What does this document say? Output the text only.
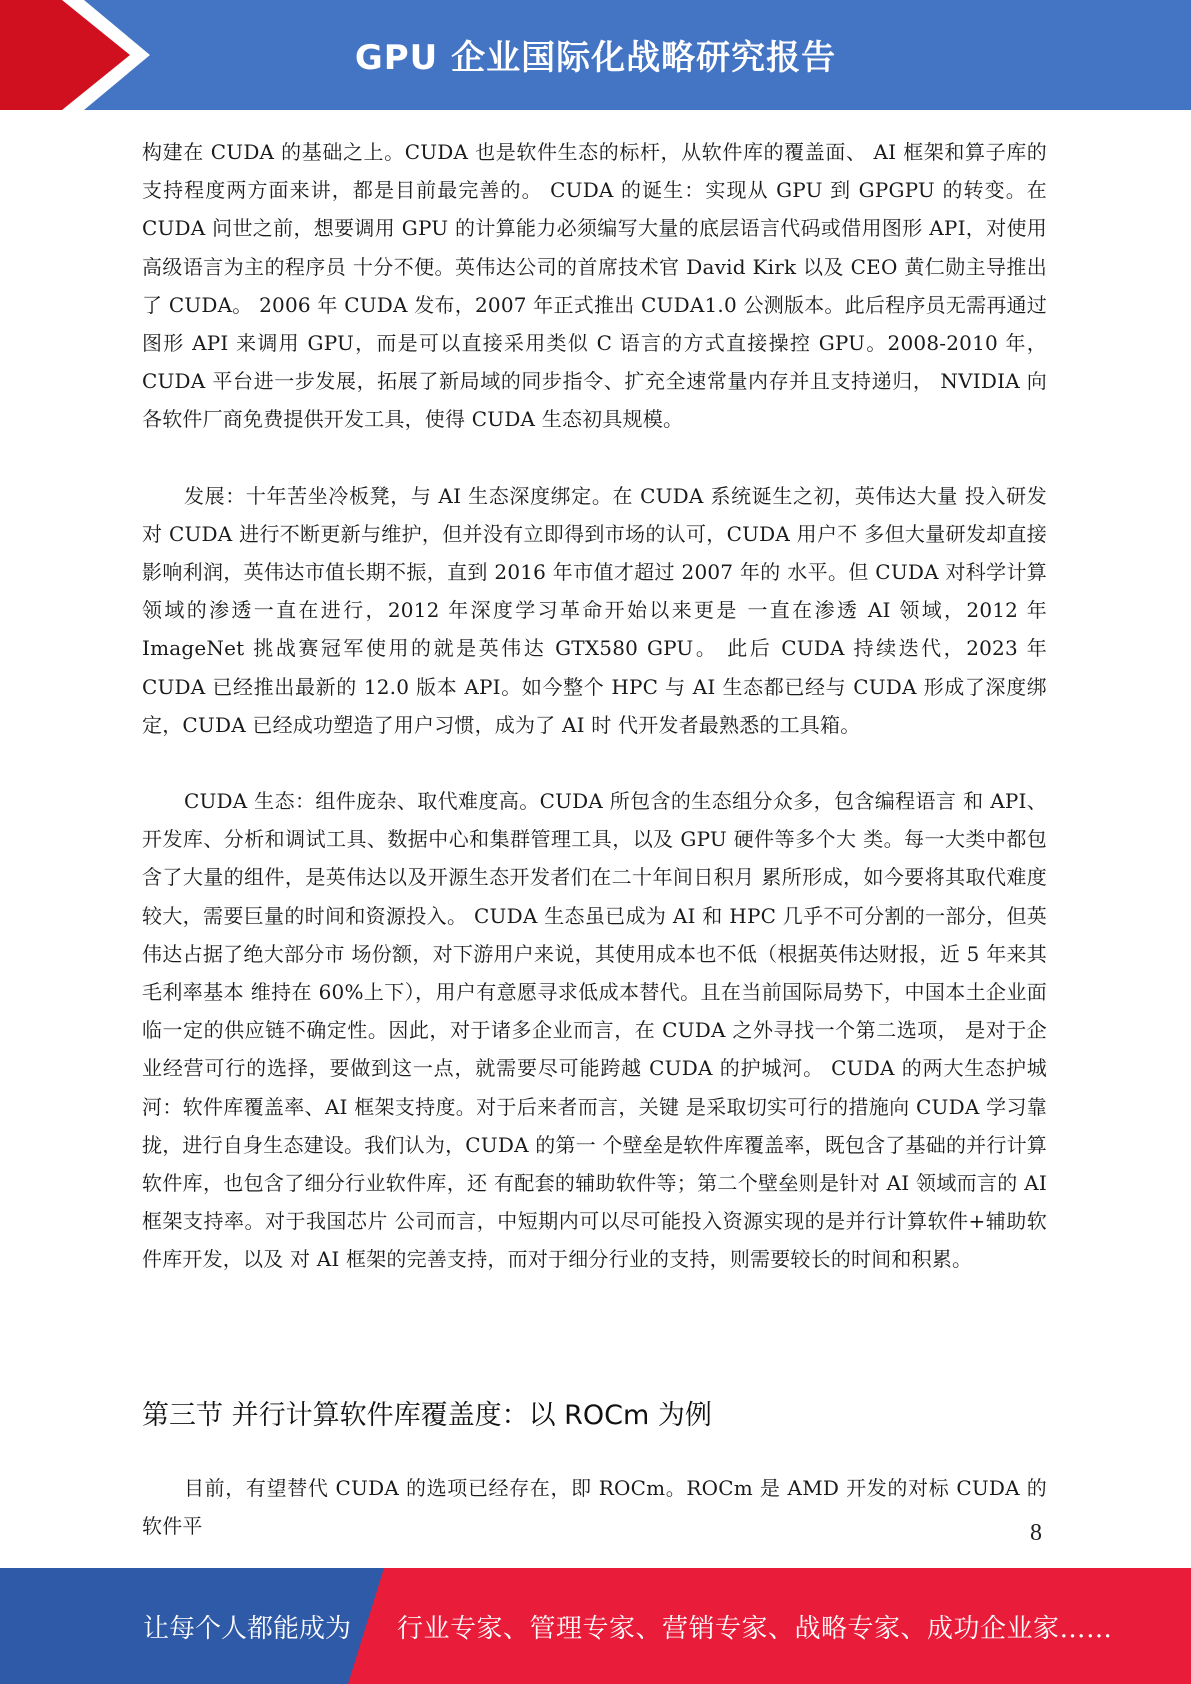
GPU 企业国际化战略研究报告

构建在 CUDA 的基础之上。CUDA 也是软件生态的标杆，从软件库的覆盖面、 AI 框架和算子库的支持程度两方面来讲，都是目前最完善的。 CUDA 的诞生：实现从 GPU 到 GPGPU 的转变。在 CUDA 问世之前，想要调用 GPU 的计算能力必须编写大量的底层语言代码或借用图形 API，对使用高级语言为主的程序员 十分不便。英伟达公司的首席技术官 David Kirk 以及 CEO 黄仁勋主导推出了 CUDA。 2006 年 CUDA 发布，2007 年正式推出 CUDA1.0 公测版本。此后程序员无需再通过图形 API 来调用 GPU，而是可以直接采用类似 C 语言的方式直接操控 GPU。2008-2010 年，CUDA 平台进一步发展，拓展了新局域的同步指令、扩充全速常量内存并且支持递归， NVIDIA 向各软件厂商免费提供开发工具，使得 CUDA 生态初具规模。

发展：十年苦坐冷板凳，与 AI 生态深度绑定。在 CUDA 系统诞生之初，英伟达大量 投入研发对 CUDA 进行不断更新与维护，但并没有立即得到市场的认可，CUDA 用户不 多但大量研发却直接影响利润，英伟达市值长期不振，直到 2016 年市值才超过 2007 年的 水平。但 CUDA 对科学计算领域的渗透一直在进行，2012 年深度学习革命开始以来更是 一直在渗透 AI 领域，2012 年 ImageNet 挑战赛冠军使用的就是英伟达 GTX580 GPU。 此后 CUDA 持续迭代，2023 年 CUDA 已经推出最新的 12.0 版本 API。如今整个 HPC 与 AI 生态都已经与 CUDA 形成了深度绑定，CUDA 已经成功塑造了用户习惯，成为了 AI 时 代开发者最熟悉的工具箱。

CUDA 生态：组件庞杂、取代难度高。CUDA 所包含的生态组分众多，包含编程语言 和 API、开发库、分析和调试工具、数据中心和集群管理工具，以及 GPU 硬件等多个大 类。每一大类中都包含了大量的组件，是英伟达以及开源生态开发者们在二十年间日积月 累所形成，如今要将其取代难度较大，需要巨量的时间和资源投入。 CUDA 生态虽已成为 AI 和 HPC 几乎不可分割的一部分，但英伟达占据了绝大部分市 场份额，对下游用户来说，其使用成本也不低（根据英伟达财报，近 5 年来其毛利率基本 维持在 60%上下），用户有意愿寻求低成本替代。且在当前国际局势下，中国本土企业面 临一定的供应链不确定性。因此，对于诸多企业而言，在 CUDA 之外寻找一个第二选项， 是对于企业经营可行的选择，要做到这一点，就需要尽可能跨越 CUDA 的护城河。 CUDA 的两大生态护城河：软件库覆盖率、AI 框架支持度。对于后来者而言，关键 是采取切实可行的措施向 CUDA 学习靠拢，进行自身生态建设。我们认为，CUDA 的第一 个壁垒是软件库覆盖率，既包含了基础的并行计算软件库，也包含了细分行业软件库，还 有配套的辅助软件等；第二个壁垒则是针对 AI 领域而言的 AI 框架支持率。对于我国芯片 公司而言，中短期内可以尽可能投入资源实现的是并行计算软件+辅助软件库开发，以及 对 AI 框架的完善支持，而对于细分行业的支持，则需要较长的时间和积累。

第三节 并行计算软件库覆盖度：以 ROCm 为例

目前，有望替代 CUDA 的选项已经存在，即 ROCm。ROCm 是 AMD 开发的对标 CUDA 的软件平	8
让每个人都能成为 行业专家、管理专家、营销专家、战略专家、成功企业家……
